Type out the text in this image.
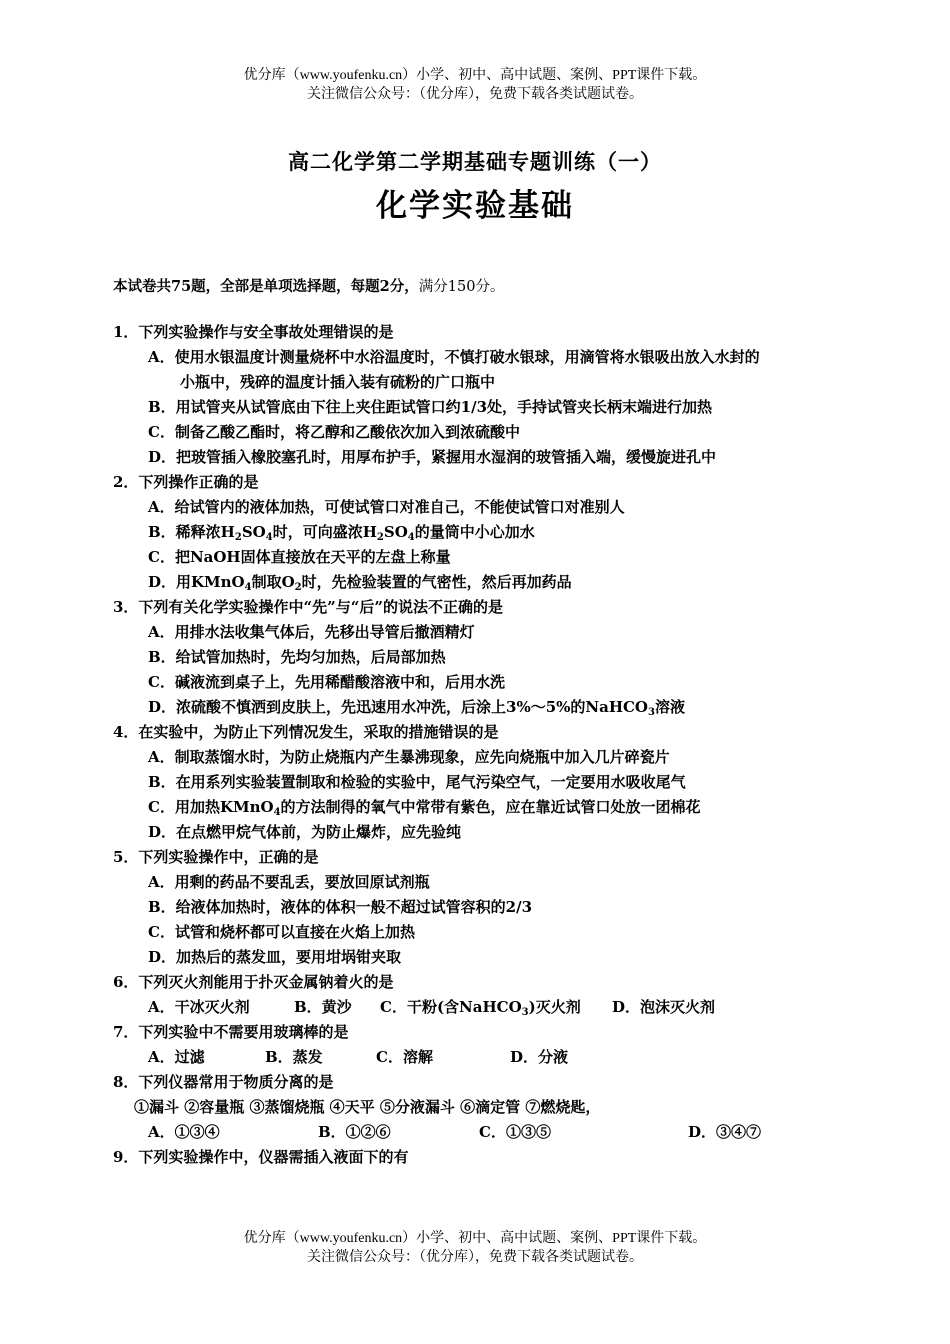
优分库（www.youfenku.cn）小学、初中、高中试题、案例、PPT课件下载。
关注微信公众号：（优分库），免费下载各类试题试卷。
高二化学第二学期基础专题训练（一）
化学实验基础
本试卷共75题，全部是单项选择题，每题2分，满分150分。
1．下列实验操作与安全事故处理错误的是
A．使用水银温度计测量烧杯中水浴温度时，不慎打破水银球，用滴管将水银吸出放入水封的
小瓶中，残碎的温度计插入装有硫粉的广口瓶中
B．用试管夹从试管底由下往上夹住距试管口约1/3处，手持试管夹长柄末端进行加热
C．制备乙酸乙酯时，将乙醇和乙酸依次加入到浓硫酸中
D．把玻管插入橡胶塞孔时，用厚布护手，紧握用水湿润的玻管插入端，缓慢旋进孔中
2．下列操作正确的是
A．给试管内的液体加热，可使试管口对准自己，不能使试管口对准别人
B．稀释浓$H_2SO_4$时，可向盛浓$H_2SO_4$的量筒中小心加水
C．把NaOH固体直接放在天平的左盘上称量
D．用KMnO$_4$制取$O_2$时，先检验装置的气密性，然后再加药品
3．下列有关化学实验操作中“先”与“后”的说法不正确的是
A．用排水法收集气体后，先移出导管后撤酒精灯
B．给试管加热时，先均匀加热，后局部加热
C．碱液流到桌子上，先用稀醋酸溶液中和，后用水洗
D．浓硫酸不慎洒到皮肤上，先迅速用水冲洗，后涂上3%～5%的NaHCO$_3$溶液
4．在实验中，为防止下列情况发生，采取的措施错误的是
A．制取蒸馏水时，为防止烧瓶内产生暴沸现象，应先向烧瓶中加入几片碎瓷片
B．在用系列实验装置制取和检验的实验中，尾气污染空气，一定要用水吸收尾气
C．用加热KMnO$_4$的方法制得的氧气中常带有紫色，应在靠近试管口处放一团棉花
D．在点燃甲烷气体前，为防止爆炸，应先验纯
5．下列实验操作中，正确的是
A．用剩的药品不要乱丢，要放回原试剂瓶
B．给液体加热时，液体的体积一般不超过试管容积的2/3
C．试管和烧杯都可以直接在火焰上加热
D．加热后的蒸发皿，要用坩埚钳夹取
6．下列灭火剂能用于扑灭金属钠着火的是
A．干冰灭火剂	B．黄沙 C．干粉(含NaHCO$_3$)灭火剂 D．泡沫灭火剂
7．下列实验中不需要用玻璃棒的是
A．过滤	B．蒸发	C．溶解	D．分液
8．下列仪器常用于物质分离的是
①漏斗 ②容量瓶 ③蒸馏烧瓶 ④天平 ⑤分液漏斗 ⑥滴定管 ⑦燃烧匙，
A．①③④	B．①②⑥	C．①③⑤	D．③④⑦
9．下列实验操作中，仪器需插入液面下的有
优分库（www.youfenku.cn）小学、初中、高中试题、案例、PPT课件下载。
关注微信公众号：（优分库），免费下载各类试题试卷。
